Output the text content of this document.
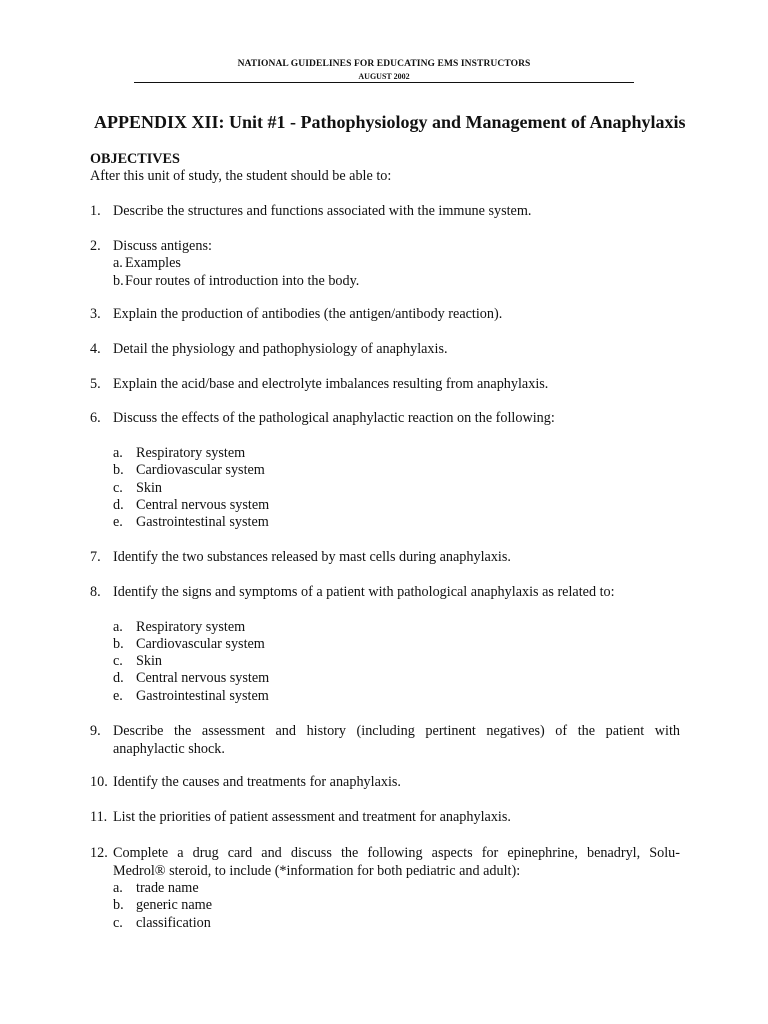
NATIONAL GUIDELINES FOR EDUCATING EMS INSTRUCTORS
AUGUST 2002
APPENDIX XII: Unit #1 - Pathophysiology and Management of Anaphylaxis
OBJECTIVES
After this unit of study, the student should be able to:
1. Describe the structures and functions associated with the immune system.
2. Discuss antigens:
a. Examples
b.Four routes of introduction into the body.
3. Explain the production of antibodies (the antigen/antibody reaction).
4. Detail the physiology and pathophysiology of anaphylaxis.
5. Explain the acid/base and electrolyte imbalances resulting from anaphylaxis.
6. Discuss the effects of the pathological anaphylactic reaction on the following:
a. Respiratory system
b. Cardiovascular system
c. Skin
d. Central nervous system
e. Gastrointestinal system
7. Identify the two substances released by mast cells during anaphylaxis.
8. Identify the signs and symptoms of a patient with pathological anaphylaxis as related to:
a. Respiratory system
b. Cardiovascular system
c. Skin
d. Central nervous system
e. Gastrointestinal system
9. Describe the assessment and history (including pertinent negatives) of the patient with
anaphylactic shock.
10. Identify the causes and treatments for anaphylaxis.
11. List the priorities of patient assessment and treatment for anaphylaxis.
12. Complete a drug card and discuss the following aspects for epinephrine, benadryl, Solu-
Medrol® steroid, to include (*information for both pediatric and adult):
a. trade name
b. generic name
c. classification
